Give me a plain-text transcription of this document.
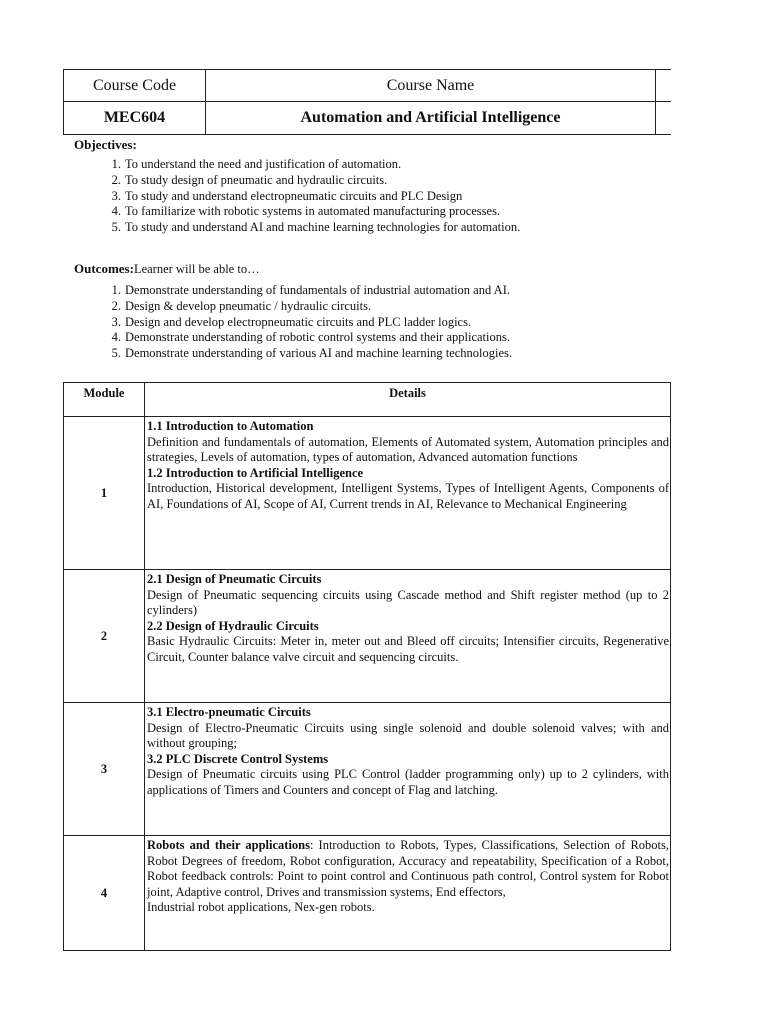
Course Code	Course Name	
MEC604	Automation and Artificial Intelligence	
Objectives:
1. To understand the need and justification of automation.
2. To study design of pneumatic and hydraulic circuits.
3. To study and understand electropneumatic circuits and PLC Design
4. To familiarize with robotic systems in automated manufacturing processes.
5. To study and understand AI and machine learning technologies for automation.
Outcomes:Learner will be able to…
1. Demonstrate understanding of fundamentals of industrial automation and AI.
2. Design & develop pneumatic / hydraulic circuits.
3. Design and develop electropneumatic circuits and PLC ladder logics.
4. Demonstrate understanding of robotic control systems and their applications.
5. Demonstrate understanding of various AI and machine learning technologies.
Module	Details
1	1.1 Introduction to Automation
Definition and fundamentals of automation, Elements of Automated system, Automation principles and strategies, Levels of automation, types of automation, Advanced automation functions
1.2 Introduction to Artificial Intelligence
Introduction, Historical development, Intelligent Systems, Types of Intelligent Agents, Components of AI, Foundations of AI, Scope of AI, Current trends in AI, Relevance to Mechanical Engineering

2	2.1 Design of Pneumatic Circuits
Design of Pneumatic sequencing circuits using Cascade method and Shift register method (up to 2 cylinders)
2.2 Design of Hydraulic Circuits
Basic Hydraulic Circuits: Meter in, meter out and Bleed off circuits; Intensifier circuits, Regenerative Circuit, Counter balance valve circuit and sequencing circuits.

3	3.1 Electro-pneumatic Circuits
Design of Electro-Pneumatic Circuits using single solenoid and double solenoid valves; with and without grouping;
3.2 PLC Discrete Control Systems
Design of Pneumatic circuits using PLC Control (ladder programming only) up to 2 cylinders, with applications of Timers and Counters and concept of Flag and latching.

4	Robots and their applications: Introduction to Robots, Types, Classifications, Selection of Robots, Robot Degrees of freedom, Robot configuration, Accuracy and repeatability, Specification of a Robot, Robot feedback controls: Point to point control and Continuous path control, Control system for Robot joint, Adaptive control, Drives and transmission systems, End effectors,
Industrial robot applications, Nex-gen robots.
